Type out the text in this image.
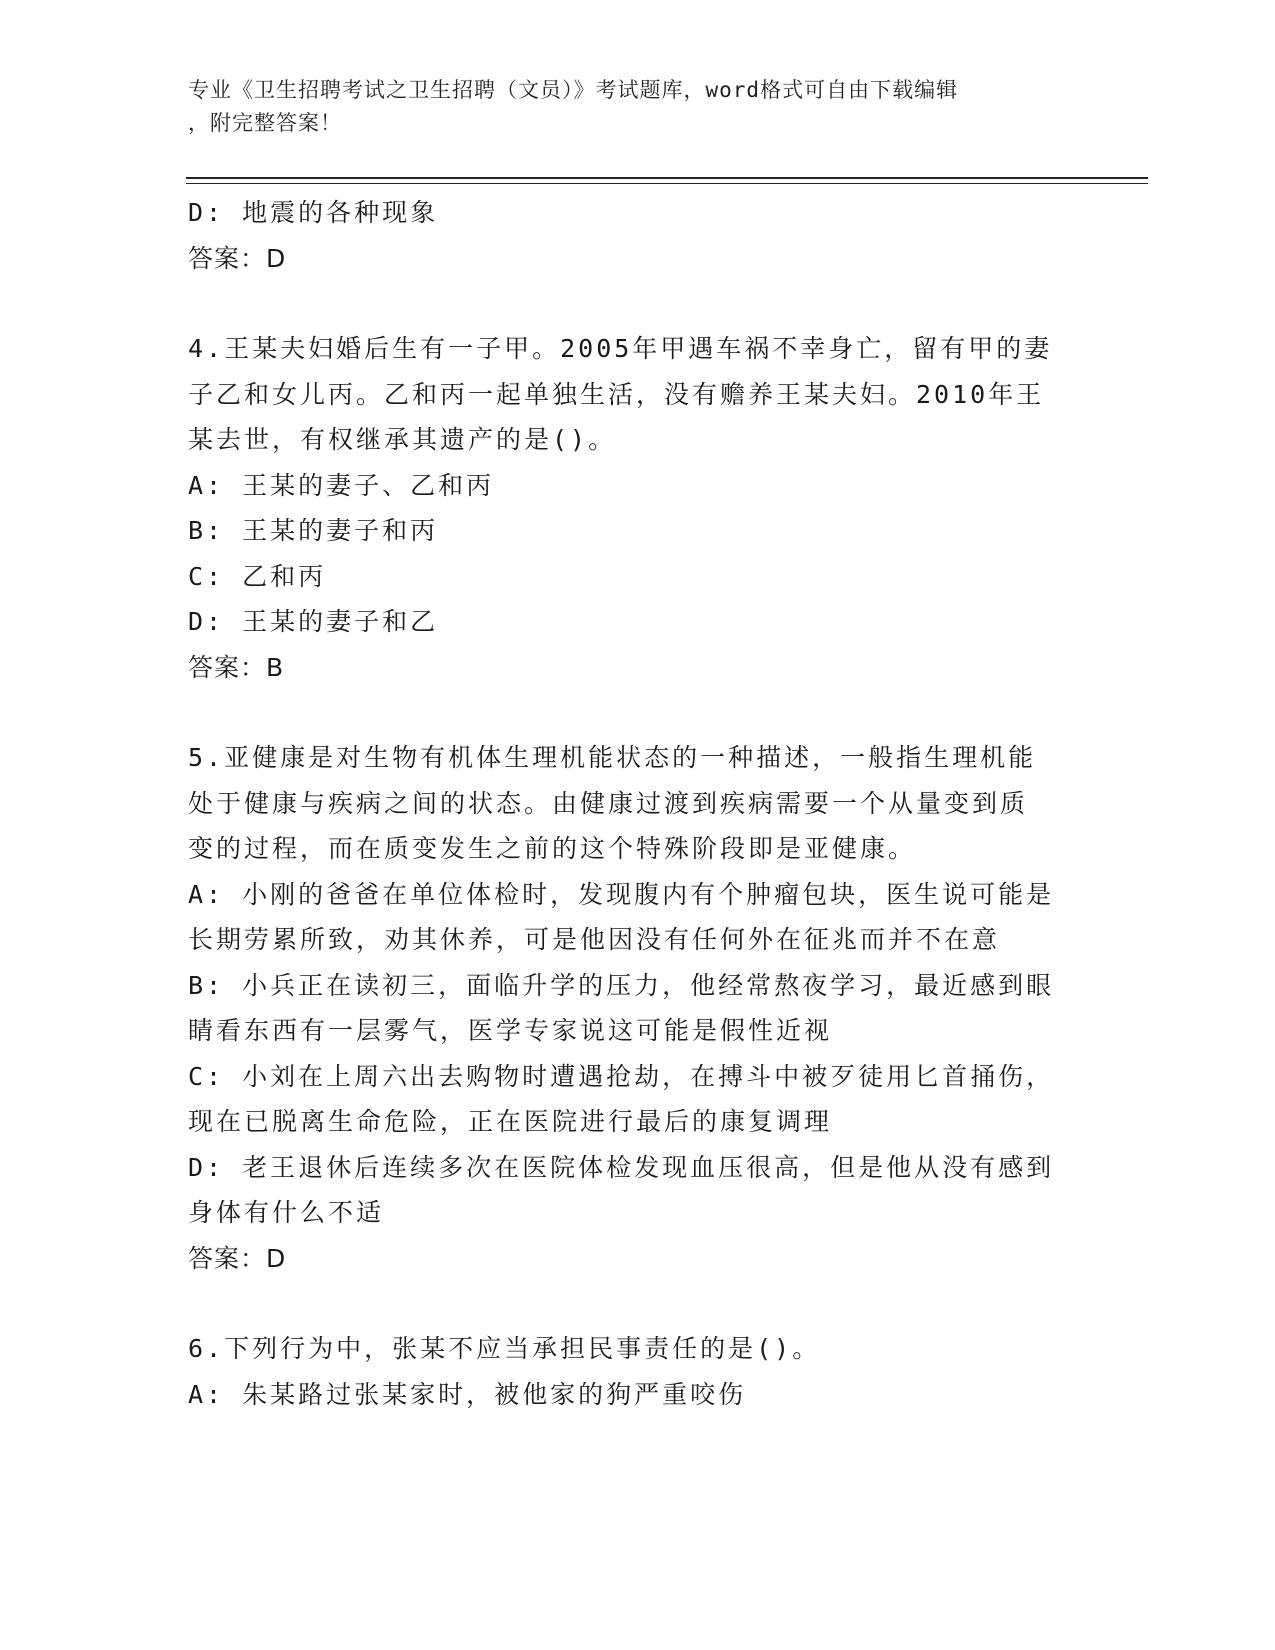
专业《卫生招聘考试之卫生招聘（文员）》考试题库，word格式可自由下载编辑
，附完整答案！

D: 地震的各种现象

答案：D

4.王某夫妇婚后生有一子甲。2005年甲遇车祸不幸身亡，留有甲的妻

子乙和女儿丙。乙和丙一起单独生活，没有赡养王某夫妇。2010年王

某去世，有权继承其遗产的是()。

A: 王某的妻子、乙和丙

B: 王某的妻子和丙

C: 乙和丙

D: 王某的妻子和乙

答案：B

5.亚健康是对生物有机体生理机能状态的一种描述，一般指生理机能

处于健康与疾病之间的状态。由健康过渡到疾病需要一个从量变到质

变的过程，而在质变发生之前的这个特殊阶段即是亚健康。

A: 小刚的爸爸在单位体检时，发现腹内有个肿瘤包块，医生说可能是

长期劳累所致，劝其休养，可是他因没有任何外在征兆而并不在意

B: 小兵正在读初三，面临升学的压力，他经常熬夜学习，最近感到眼

睛看东西有一层雾气，医学专家说这可能是假性近视

C: 小刘在上周六出去购物时遭遇抢劫，在搏斗中被歹徒用匕首捅伤，

现在已脱离生命危险，正在医院进行最后的康复调理

D: 老王退休后连续多次在医院体检发现血压很高，但是他从没有感到

身体有什么不适

答案：D

6.下列行为中，张某不应当承担民事责任的是()。

A: 朱某路过张某家时，被他家的狗严重咬伤
